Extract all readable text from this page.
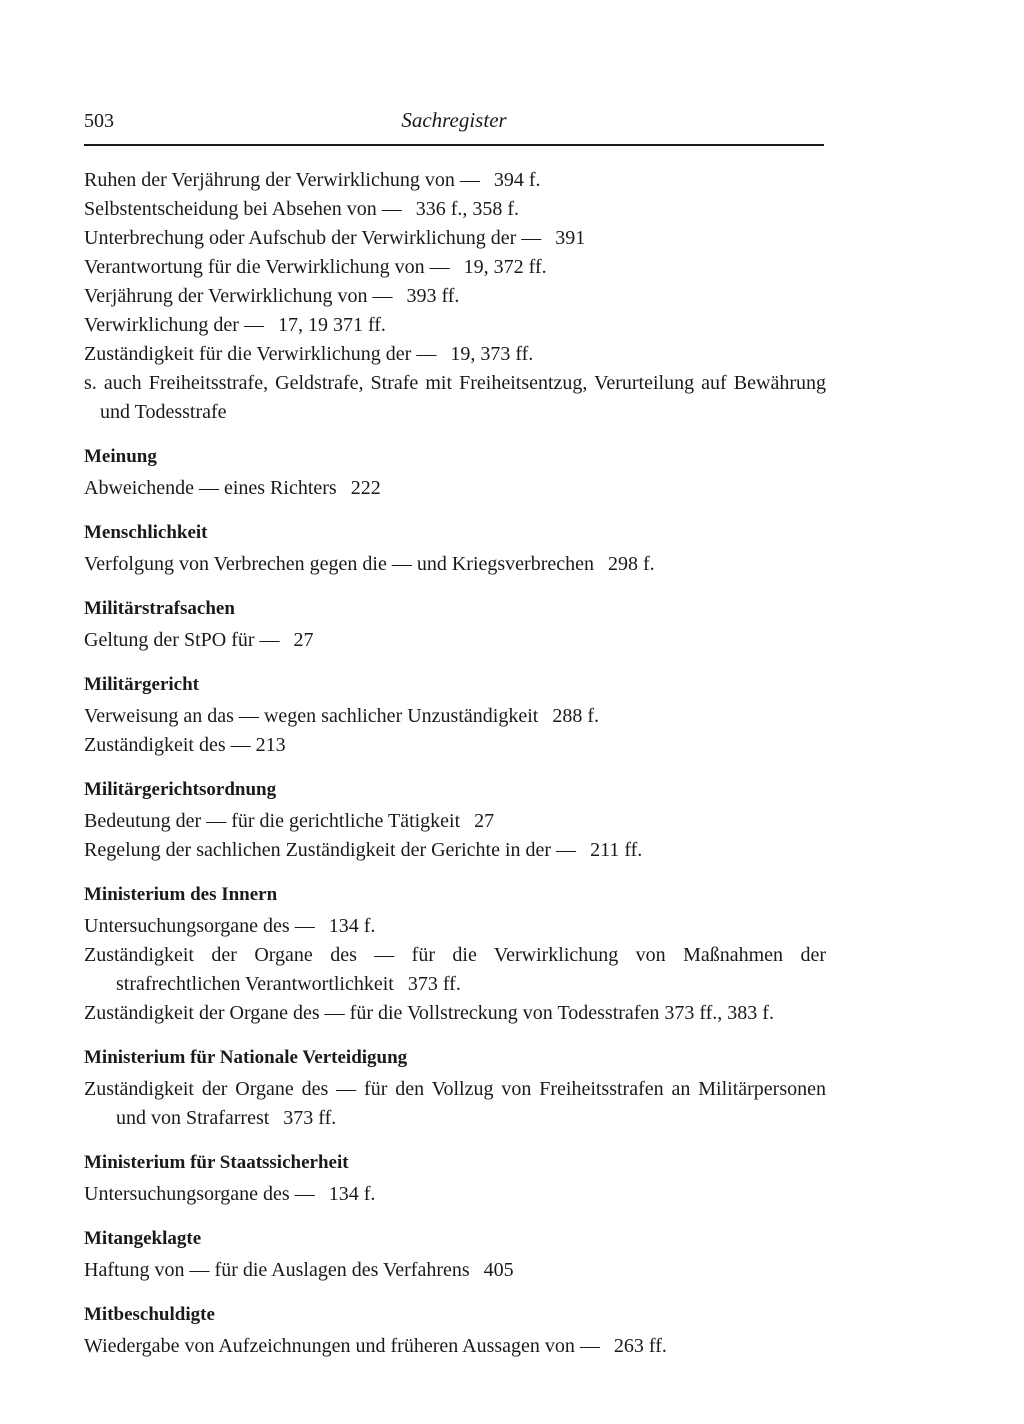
503	Sachregister
Ruhen der Verjährung der Verwirklichung von — 394 f.
Selbstentscheidung bei Absehen von — 336 f., 358 f.
Unterbrechung oder Aufschub der Verwirklichung der — 391
Verantwortung für die Verwirklichung von — 19, 372 ff.
Verjährung der Verwirklichung von — 393 ff.
Verwirklichung der — 17, 19 371 ff.
Zuständigkeit für die Verwirklichung der — 19, 373 ff.
s. auch Freiheitsstrafe, Geldstrafe, Strafe mit Freiheitsentzug, Verurteilung auf Bewährung und Todesstrafe
Meinung
Abweichende — eines Richters 222
Menschlichkeit
Verfolgung von Verbrechen gegen die — und Kriegsverbrechen 298 f.
Militärstrafsachen
Geltung der StPO für — 27
Militärgericht
Verweisung an das — wegen sachlicher Unzuständigkeit 288 f.
Zuständigkeit des — 213
Militärgerichtsordnung
Bedeutung der — für die gerichtliche Tätigkeit 27
Regelung der sachlichen Zuständigkeit der Gerichte in der — 211 ff.
Ministerium des Innern
Untersuchungsorgane des — 134 f.
Zuständigkeit der Organe des — für die Verwirklichung von Maßnahmen der strafrechtlichen Verantwortlichkeit 373 ff.
Zuständigkeit der Organe des — für die Vollstreckung von Todesstrafen 373 ff., 383 f.
Ministerium für Nationale Verteidigung
Zuständigkeit der Organe des — für den Vollzug von Freiheitsstrafen an Militärpersonen und von Strafarrest 373 ff.
Ministerium für Staatssicherheit
Untersuchungsorgane des — 134 f.
Mitangeklagte
Haftung von — für die Auslagen des Verfahrens 405
Mitbeschuldigte
Wiedergabe von Aufzeichnungen und früheren Aussagen von — 263 ff.
